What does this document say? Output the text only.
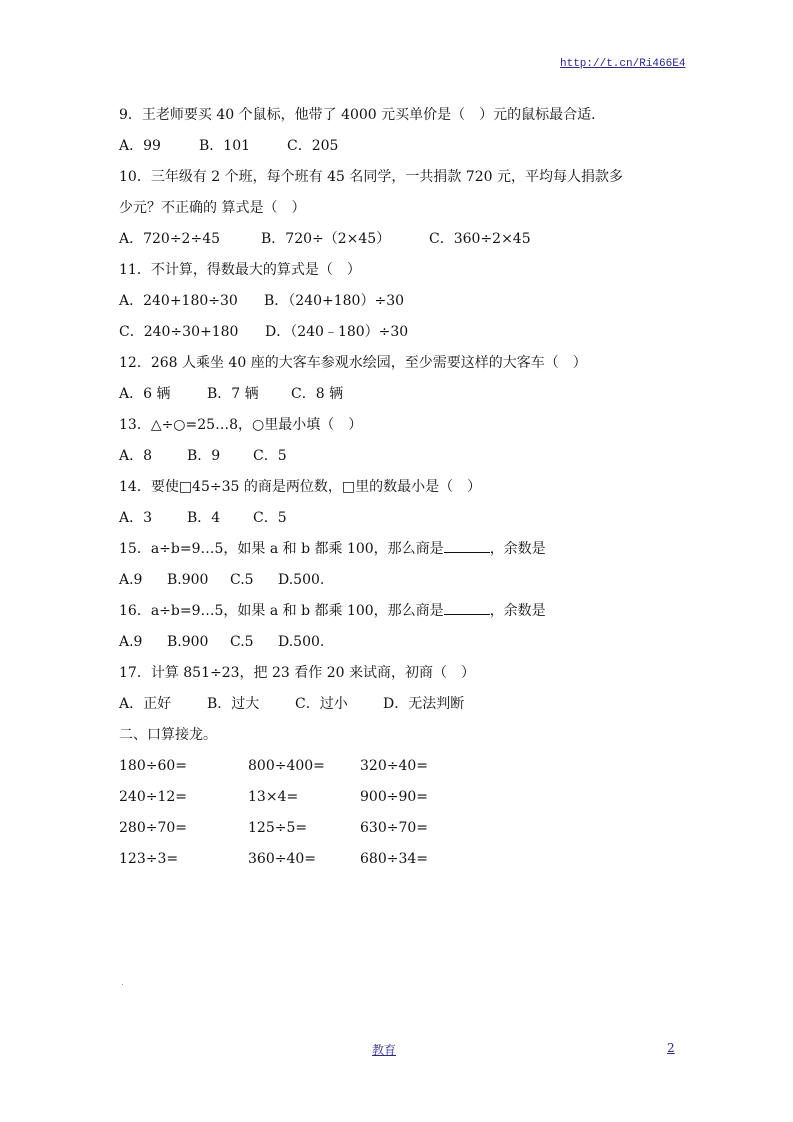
http://t.cn/Ri466E4
9．王老师要买 40 个鼠标，他带了 4000 元买单价是（　）元的鼠标最合适．
A．99	B．101	C．205
10．三年级有 2 个班，每个班有 45 名同学，一共捐款 720 元，平均每人捐款多
少元？不正确的 算式是（　）
A．720÷2÷45	B．720÷（2×45）	C．360÷2×45
11．不计算，得数最大的算式是（　）
A．240+180÷30 B．（240+180）÷30
C．240÷30+180 D．（240﹣180）÷30
12．268 人乘坐 40 座的大客车参观水绘园，至少需要这样的大客车（　）
A．6 辆	B．7 辆 C．8 辆
13．△÷○=25…8，○里最小填（　）
A．8 B．9 C．5
14．要使□45÷35 的商是两位数，□里的数最小是（　）
A．3 B．4 C．5
15．a÷b=9…5，如果 a 和 b 都乘 100，那么商是	，余数是
A.9 B.900 C.5 D.500.
16．a÷b=9…5，如果 a 和 b 都乘 100，那么商是	，余数是
A.9 B.900 C.5 D.500.
17．计算 851÷23，把 23 看作 20 来试商，初商（　）
A．正好	B．过大	C．过小	D．无法判断
二、口算接龙。
180÷60=	800÷400=	320÷40=
240÷12=	13×4=	900÷90=
280÷70=	125÷5=	630÷70=
123÷3=	360÷40=	680÷34=
.
教育	2
